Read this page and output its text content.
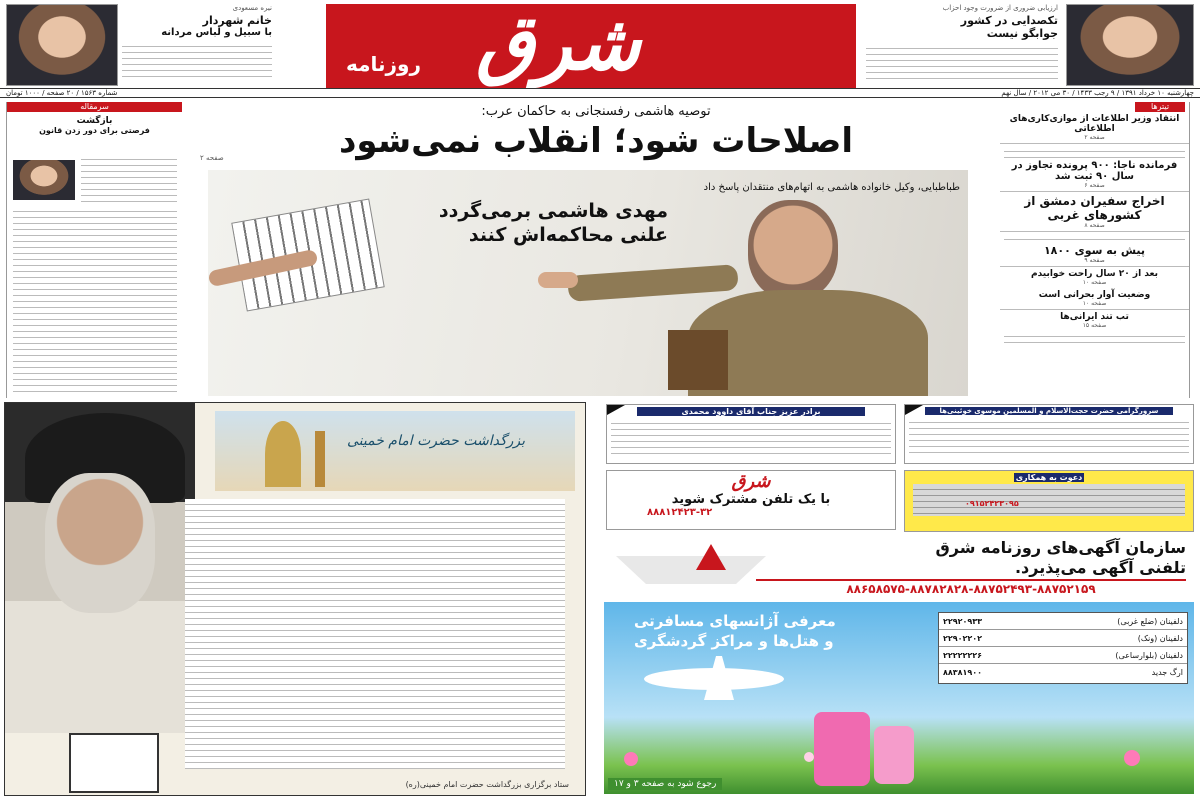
نیره مسعودی
خانم شهردار
با سبیل و لباس مردانه	شرق
روزنامه
ارزیابی ضروری از ضرورت وجود احزاب
تکصدایی در کشور
جوابگو نیست
چهارشنبه ۱۰ خرداد ۱۳۹۱ / ۹ رجب ۱۴۳۳ / ۳۰ می ۲۰۱۲ / سال نهم
شماره ۱۵۶۳ / ۲۰ صفحه / ۱۰۰۰ تومان
سرمقاله
بازگشت
فرصتی برای دور زدن قانون
توصیه هاشمی رفسنجانی به حاکمان عرب:
اصلاحات شود؛ انقلاب نمی‌شود
صفحه ۲
طباطبایی، وکیل خانواده هاشمی به اتهام‌های منتقدان پاسخ داد
مهدی هاشمی برمی‌گردد
علنی محاکمه‌اش کنند
تیترها
انتقاد وزیر اطلاعات از موازی‌کاری‌های اطلاعاتی
صفحه ۲
فرمانده ناجا: ۹۰۰ پرونده تجاوز در سال ۹۰ ثبت شد
صفحه ۶
اخراج سفیران دمشق از کشورهای غربی
صفحه ۸
پیش به سوی ۱۸۰۰
صفحه ۹
بعد از ۲۰ سال راحت خوابیدم
صفحه ۱۰
وضعیت آوار بحرانی است
صفحه ۱۰
تب تند ایرانی‌ها
صفحه ۱۵
بزرگداشت حضرت امام خمینی
ستاد برگزاری بزرگداشت حضرت امام خمینی(ره)
برادر عزیز جناب آقای داوود محمدی	سرورگرامی حضرت حجت‌الاسلام و المسلمین موسوی خوئینی‌ها
شرق
با یک تلفن مشترک شوید
۸۸۸۱۲۴۲۳-۳۲
دعوت به همکاری
۰۹۱۵۲۴۲۳۰۹۵
سازمان آگهی‌های روزنامه شرق
تلفنی آگهی می‌پذیرد.
۸۸۶۵۸۵۷۵-۸۸۷۸۲۸۲۸-۸۸۷۵۲۴۹۳-۸۸۷۵۲۱۵۹
معرفی آژانسهای مسافرتی
و هتل‌ها و مراکز گردشگری
دلفینان (ضلع غربی)
۲۲۹۲۰۹۳۳
دلفینان (ونک)
۲۲۹۰۲۲۰۲
دلفینان (بلوار‌ساعی)
۲۲۲۲۲۲۲۶
ارگ جدید
۸۸۳۸۱۹۰۰
رجوع شود به صفحه ۳ و ۱۷
